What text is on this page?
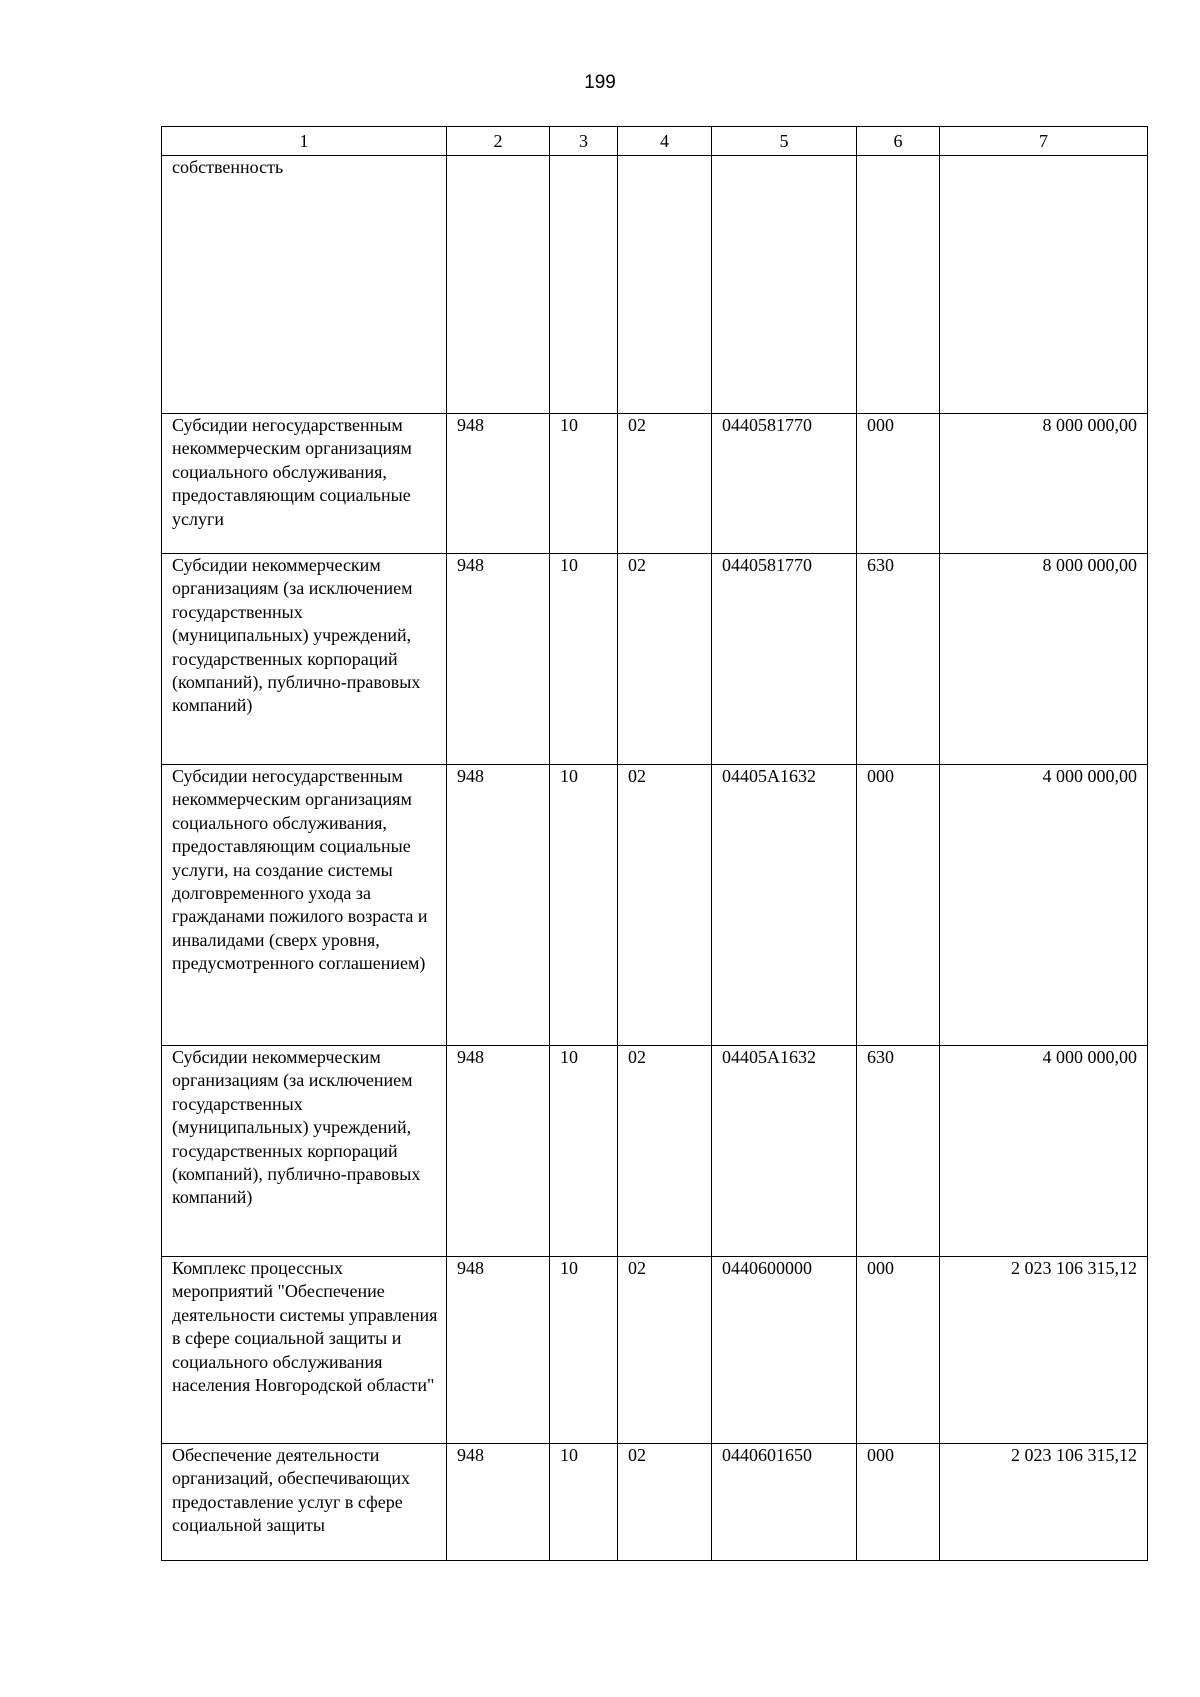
199
1	2	3	4	5	6	7
собственность						
Субсидии негосударственным некоммерческим организациям социального обслуживания, предоставляющим социальные услуги	948	10	02	0440581770	000	8 000 000,00
Субсидии некоммерческим организациям (за исключением государственных (муниципальных) учреждений, государственных корпораций (компаний), публично-правовых компаний)	948	10	02	0440581770	630	8 000 000,00
Субсидии негосударственным некоммерческим организациям социального обслуживания, предоставляющим социальные услуги, на создание системы долговременного ухода за гражданами пожилого возраста и инвалидами (сверх уровня, предусмотренного соглашением)	948	10	02	04405А1632	000	4 000 000,00
Субсидии некоммерческим организациям (за исключением государственных (муниципальных) учреждений, государственных корпораций (компаний), публично-правовых компаний)	948	10	02	04405А1632	630	4 000 000,00
Комплекс процессных мероприятий "Обеспечение деятельности системы управления в сфере социальной защиты и социального обслуживания населения Новгородской области"	948	10	02	0440600000	000	2 023 106 315,12
Обеспечение деятельности организаций, обеспечивающих предоставление услуг в сфере социальной защиты	948	10	02	0440601650	000	2 023 106 315,12
